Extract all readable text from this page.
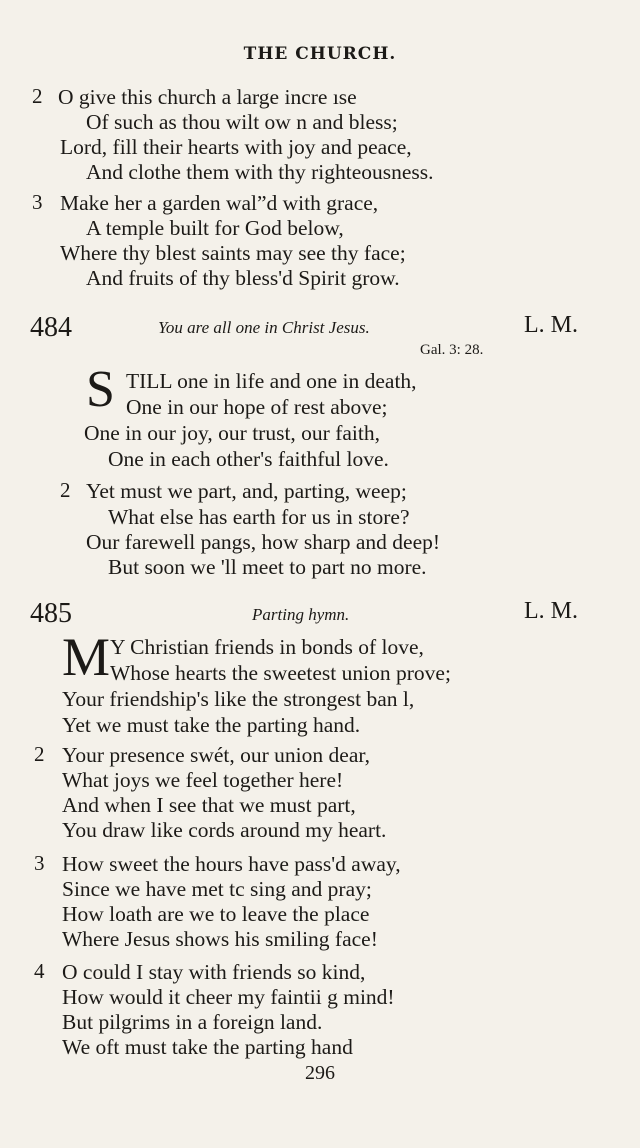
THE CHURCH.
2 O give this church a large incre ıse
Of such as thou wilt ow n and bless;
Lord, fill their hearts with joy and peace,
And clothe them with thy righteousness.
3 Make her a garden wal”d with grace,
A temple built for God below,
Where thy blest saints may see thy face;
And fruits of thy bless'd Spirit grow.
484	You are all one in Christ Jesus.	L. M.
Gal. 3: 28.
S TILL one in life and one in death,
One in our hope of rest above;
One in our joy, our trust, our faith,
One in each other's faithful love.
2 Yet must we part, and, parting, weep;
What else has earth for us in store?
Our farewell pangs, how sharp and deep!
But soon we 'll meet to part no more.
485	Parting hymn.	L. M.
M Y Christian friends in bonds of love,
Whose hearts the sweetest union prove;
Your friendship's like the strongest ban l,
Yet we must take the parting hand.
2 Your presence swét, our union dear,
What joys we feel together here!
And when I see that we must part,
You draw like cords around my heart.
3 How sweet the hours have pass'd away,
Since we have met tc sing and pray;
How loath are we to leave the place
Where Jesus shows his smiling face!
4 O could I stay with friends so kind,
How would it cheer my faintii g mind!
But pilgrims in a foreign land.
We oft must take the parting hand
296
